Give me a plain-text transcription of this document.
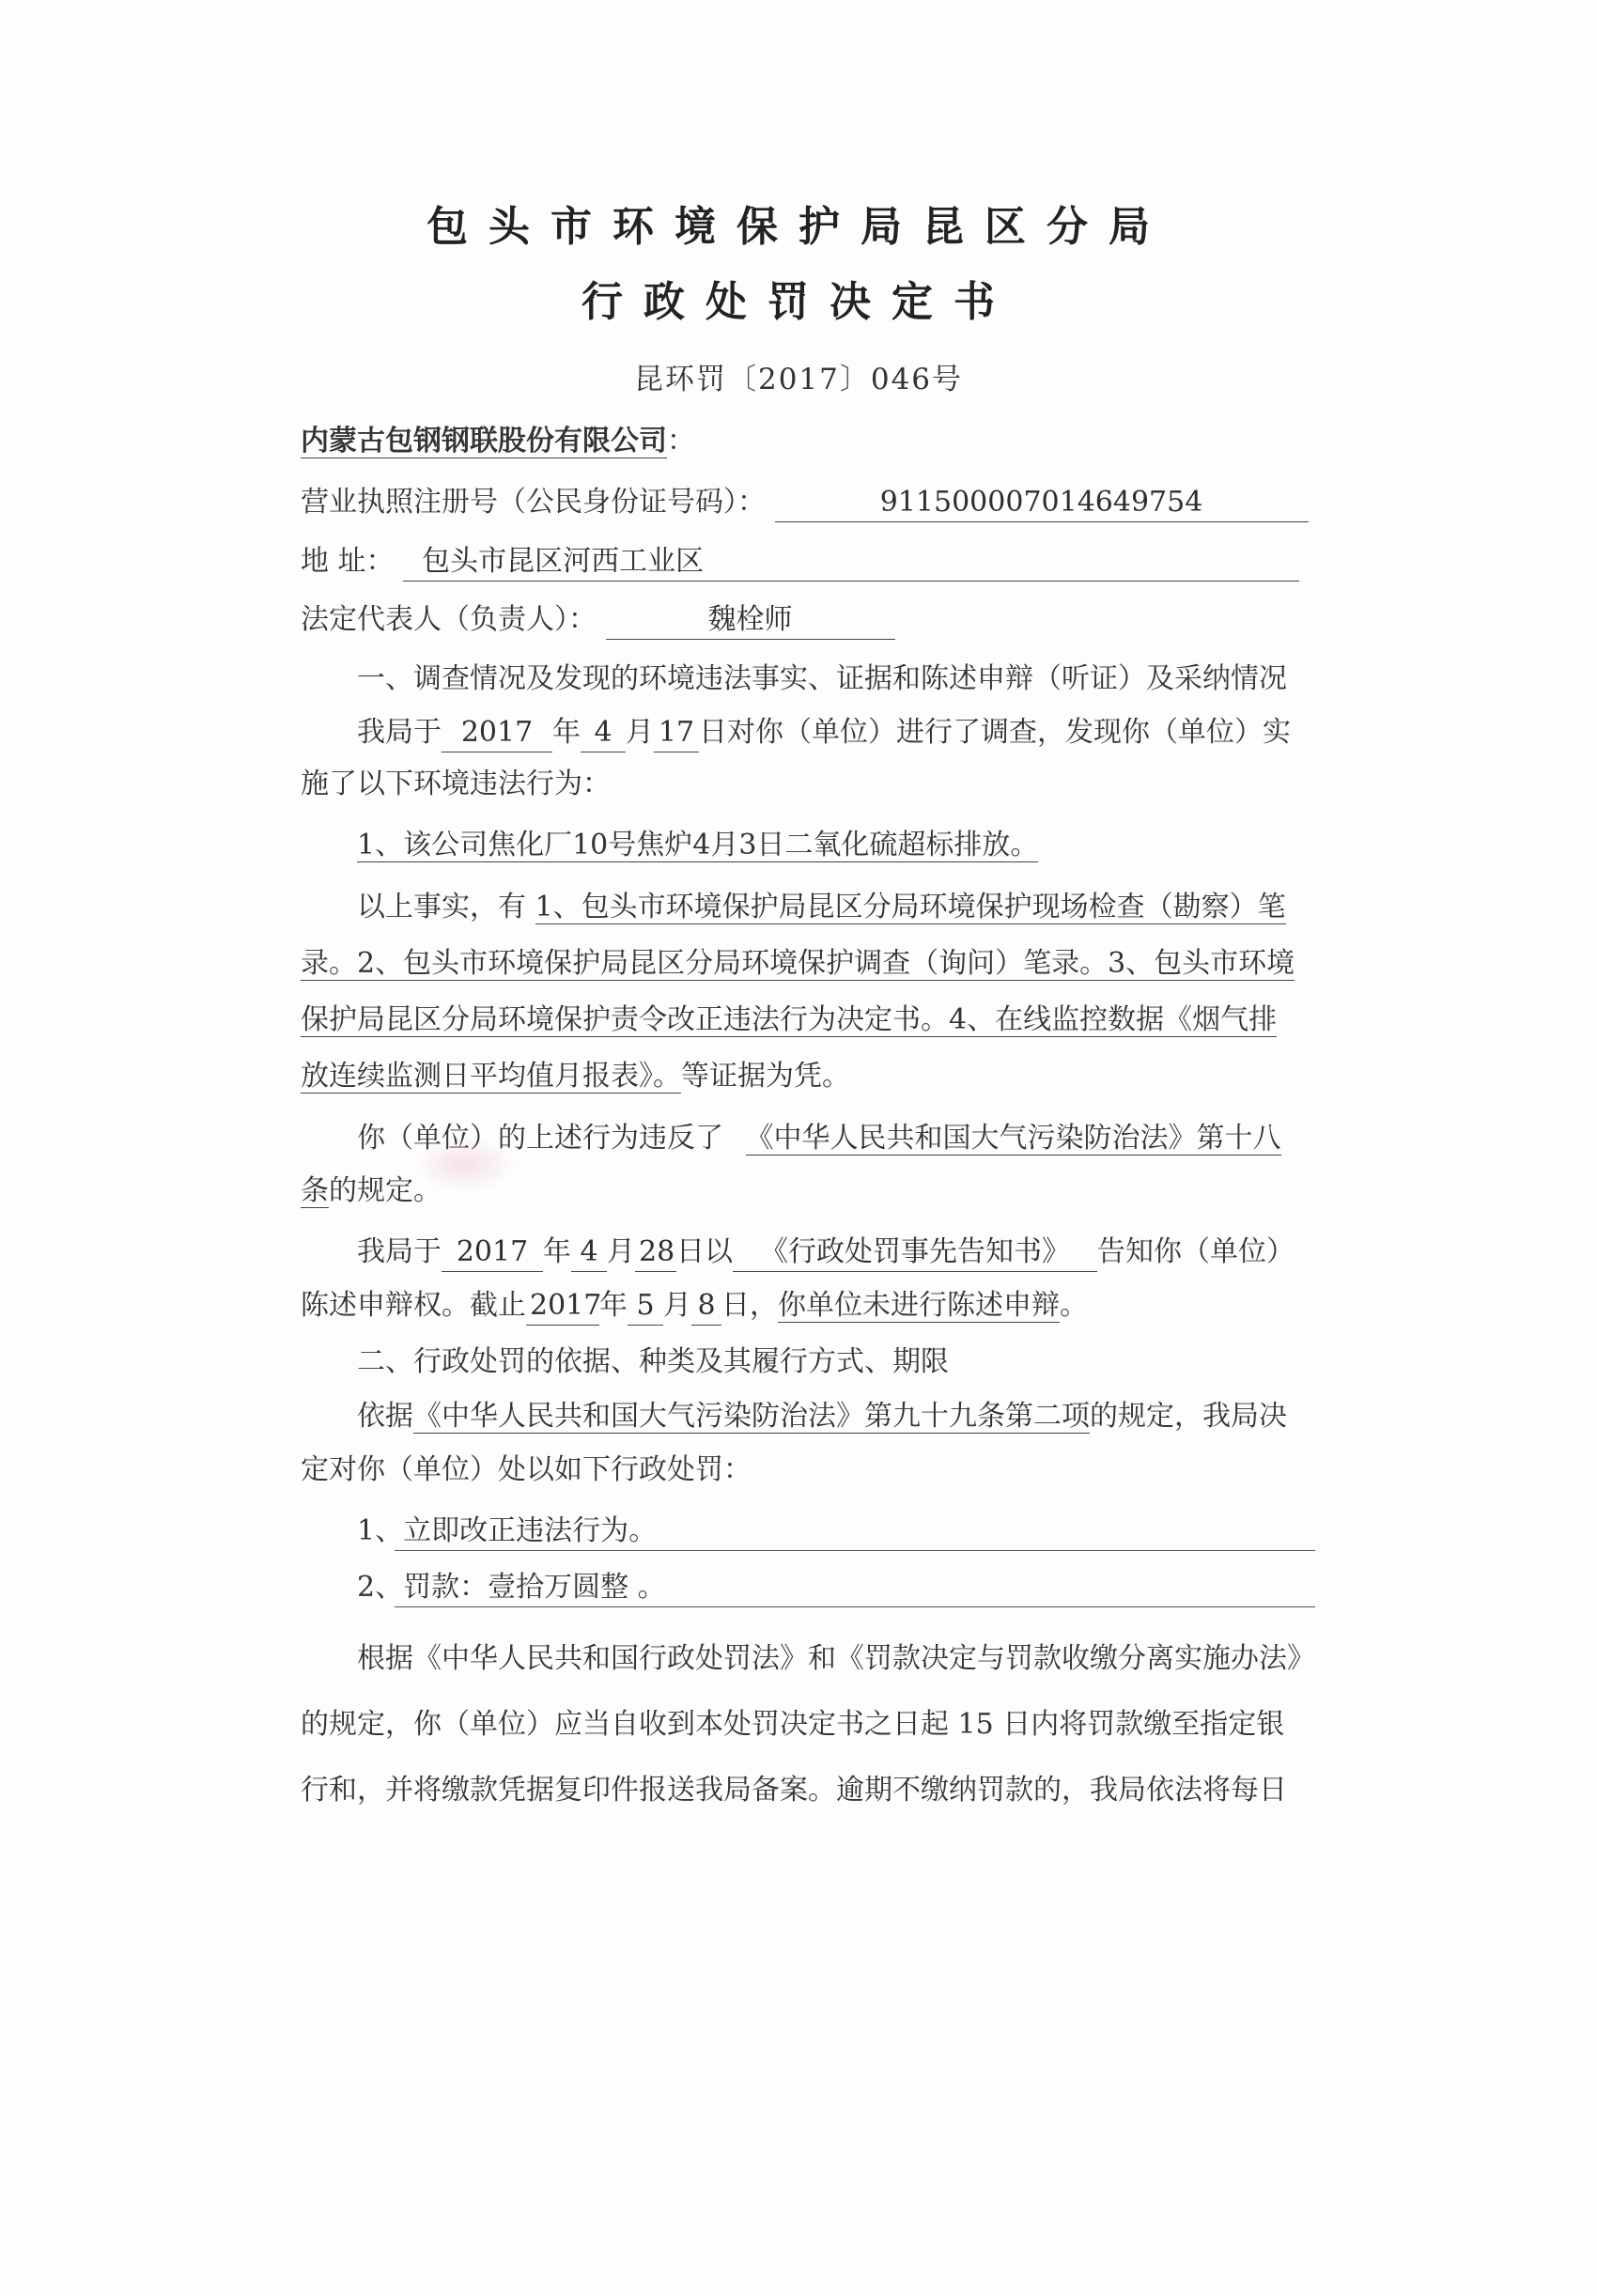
包头市环境保护局昆区分局
行政处罚决定书
昆环罚〔2017〕046号
内蒙古包钢钢联股份有限公司：
营业执照注册号（公民身份证号码）：	911500007014649754
地 址： 包头市昆区河西工业区
法定代表人（负责人）：	魏栓师
一、调查情况及发现的环境违法事实、证据和陈述申辩（听证）及采纳情况
我局于 2017 年 4 月 17 日对你（单位）进行了调查，发现你（单位）实
施了以下环境违法行为：
1、该公司焦化厂10号焦炉4月3日二氧化硫超标排放。
以上事实，有 1、包头市环境保护局昆区分局环境保护现场检查（勘察）笔
录。2、包头市环境保护局昆区分局环境保护调查（询问）笔录。3、包头市环境
保护局昆区分局环境保护责令改正违法行为决定书。4、在线监控数据《烟气排
放连续监测日平均值月报表》。等证据为凭。
你（单位）的上述行为违反了 《中华人民共和国大气污染防治法》第十八
条的规定。
我局于 2017 年 4 月 28日以 《行政处罚事先告知书》 告知你（单位）
陈述申辩权。截止 2017年 5 月 8 日，你单位未进行陈述申辩。
二、行政处罚的依据、种类及其履行方式、期限
依据《中华人民共和国大气污染防治法》第九十九条第二项的规定，我局决
定对你（单位）处以如下行政处罚：
1、立即改正违法行为。
2、罚款：壹拾万圆整 。
根据《中华人民共和国行政处罚法》和《罚款决定与罚款收缴分离实施办法》
的规定，你（单位）应当自收到本处罚决定书之日起 15 日内将罚款缴至指定银
行和，并将缴款凭据复印件报送我局备案。逾期不缴纳罚款的，我局依法将每日
